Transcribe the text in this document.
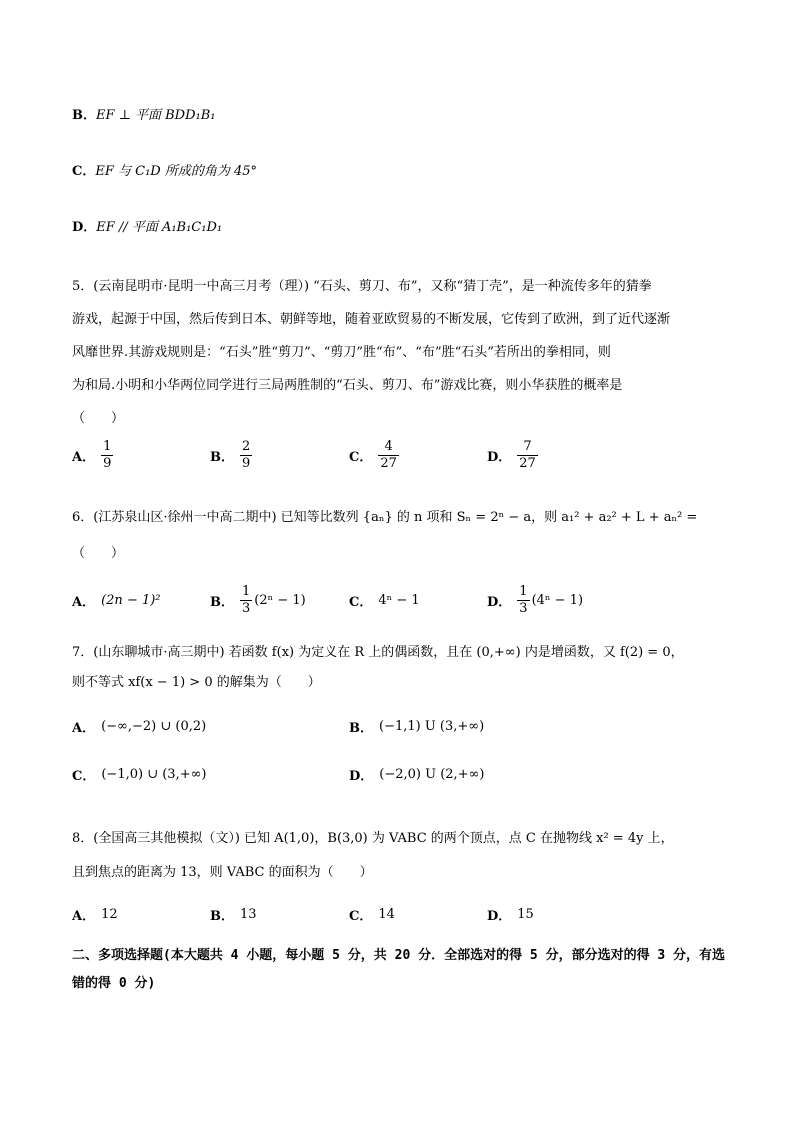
B．EF ⊥ 平面 BDD₁B₁
C．EF 与 C₁D 所成的角为 45°
D．EF // 平面 A₁B₁C₁D₁
5．(云南昆明市·昆明一中高三月考（理）) “石头、剪刀、布”，又称“猜丁壳”，是一种流传多年的猜拳
游戏，起源于中国，然后传到日本、朝鲜等地，随着亚欧贸易的不断发展，它传到了欧洲，到了近代逐渐
风靡世界.其游戏规则是：“石头”胜“剪刀”、“剪刀”胜“布”、“布”胜“石头”若所出的拳相同，则
为和局.小明和小华两位同学进行三局两胜制的“石头、剪刀、布”游戏比赛，则小华获胜的概率是
（　　）
A． $\frac{1}{9}$	B． $\frac{2}{9}$	C． $\frac{4}{27}$	D． $\frac{7}{27}$
6．(江苏泉山区·徐州一中高二期中) 已知等比数列 {aₙ} 的 n 项和 Sₙ = 2ⁿ − a，则 a₁² + a₂² + L + aₙ² =
（　　）
A． (2n − 1)²	B． $\frac{1}{3} (2^n - 1)$	C． 4ⁿ − 1	D． $\frac{1}{3} (4^n - 1)$
7．(山东聊城市·高三期中) 若函数 f(x) 为定义在 R 上的偶函数，且在 (0,+∞) 内是增函数，又 f(2) = 0，
则不等式 xf(x − 1) > 0 的解集为（　　）
A． (−∞,−2) ∪ (0,2)	B． (−1,1) U (3,+∞)
C． (−1,0) ∪ (3,+∞)	D． (−2,0) U (2,+∞)
8．(全国高三其他模拟（文）) 已知 A(1,0)，B(3,0) 为 VABC 的两个顶点，点 C 在抛物线 x² = 4y 上，
且到焦点的距离为 13，则 VABC 的面积为（　　）
A． 12	B． 13	C． 14	D． 15
二、多项选择题(本大题共 4 小题，每小题 5 分，共 20 分．全部选对的得 5 分，部分选对的得 3 分，有选
错的得 0 分)
